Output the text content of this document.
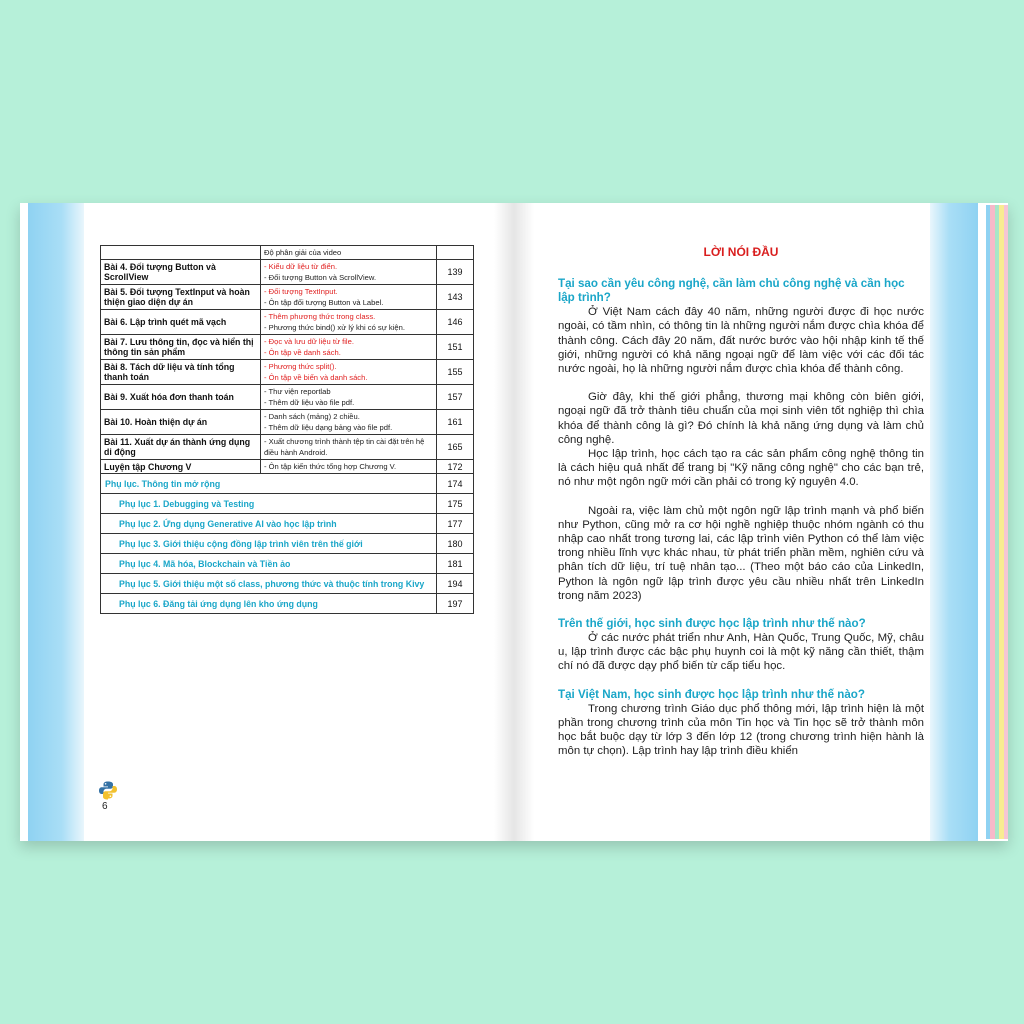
	Độ phân giải của video	

Bài 4. Đối tượng Button và ScrollView	- Kiểu dữ liệu từ điển.
- Đối tượng Button và ScrollView.	139
Bài 5. Đối tượng TextInput và hoàn thiện giao diện dự án	- Đối tượng TextInput.
- Ôn tập đối tượng Button và Label.	143
Bài 6. Lập trình quét mã vạch	- Thêm phương thức trong class.
- Phương thức bind() xử lý khi có sự kiện.	146
Bài 7. Lưu thông tin, đọc và hiển thị thông tin sản phẩm	- Đọc và lưu dữ liệu từ file.
- Ôn tập về danh sách.	151
Bài 8. Tách dữ liệu và tính tổng thanh toán	- Phương thức split().
- Ôn tập về biến và danh sách.	155
Bài 9. Xuất hóa đơn thanh toán	- Thư viện reportlab
- Thêm dữ liệu vào file pdf.	157
Bài 10. Hoàn thiện dự án	- Danh sách (mảng) 2 chiều.
- Thêm dữ liệu dạng bảng vào file pdf.	161
Bài 11. Xuất dự án thành ứng dụng di động	- Xuất chương trình thành tệp tin cài đặt trên hệ điều hành Android.	165
Luyện tập Chương V	- Ôn tập kiến thức tổng hợp Chương V.	172
Phụ lục. Thông tin mở rộng		174
Phụ lục 1. Debugging và Testing		175
Phụ lục 2. Ứng dụng Generative AI vào học lập trình		177
Phụ lục 3. Giới thiệu cộng đồng lập trình viên trên thế giới		180
Phụ lục 4. Mã hóa, Blockchain và Tiền ảo		181
Phụ lục 5. Giới thiệu một số class, phương thức và thuộc tính trong Kivy		194
Phụ lục 6. Đăng tải ứng dụng lên kho ứng dụng		197
6
LỜI NÓI ĐẦU
Tại sao cần yêu công nghệ, cần làm chủ công nghệ và cần học lập trình?

Ở Việt Nam cách đây 40 năm, những người được đi học nước ngoài, có tầm nhìn, có thông tin là những người nắm được chìa khóa để thành công. Cách đây 20 năm, đất nước bước vào hội nhập kinh tế thế giới, những người có khả năng ngoại ngữ để làm việc với các đối tác nước ngoài, họ là những người nắm được chìa khóa để thành công.

Giờ đây, khi thế giới phẳng, thương mại không còn biên giới, ngoại ngữ đã trở thành tiêu chuẩn của mọi sinh viên tốt nghiệp thì chìa khóa để thành công là gì? Đó chính là khả năng ứng dụng và làm chủ công nghệ.

Học lập trình, học cách tạo ra các sản phẩm công nghệ thông tin là cách hiệu quả nhất để trang bị "Kỹ năng công nghệ" cho các bạn trẻ, nó như một ngôn ngữ mới cần phải có trong kỷ nguyên 4.0.

Ngoài ra, việc làm chủ một ngôn ngữ lập trình mạnh và phổ biến như Python, cũng mở ra cơ hội nghề nghiệp thuộc nhóm ngành có thu nhập cao nhất trong tương lai, các lập trình viên Python có thể làm việc trong nhiều lĩnh vực khác nhau, từ phát triển phần mềm, nghiên cứu và phân tích dữ liệu, trí tuệ nhân tạo... (Theo một báo cáo của LinkedIn, Python là ngôn ngữ lập trình được yêu cầu nhiều nhất trên LinkedIn trong năm 2023)

Trên thế giới, học sinh được học lập trình như thế nào?

Ở các nước phát triển như Anh, Hàn Quốc, Trung Quốc, Mỹ, châu u, lập trình được các bậc phụ huynh coi là một kỹ năng cần thiết, thậm chí nó đã được dạy phổ biến từ cấp tiểu học.

Tại Việt Nam, học sinh được học lập trình như thế nào?

Trong chương trình Giáo dục phổ thông mới, lập trình hiện là một phần trong chương trình của môn Tin học và Tin học sẽ trở thành môn học bắt buộc dạy từ lớp 3 đến lớp 12 (trong chương trình hiện hành là môn tự chọn). Lập trình hay lập trình điều khiển
